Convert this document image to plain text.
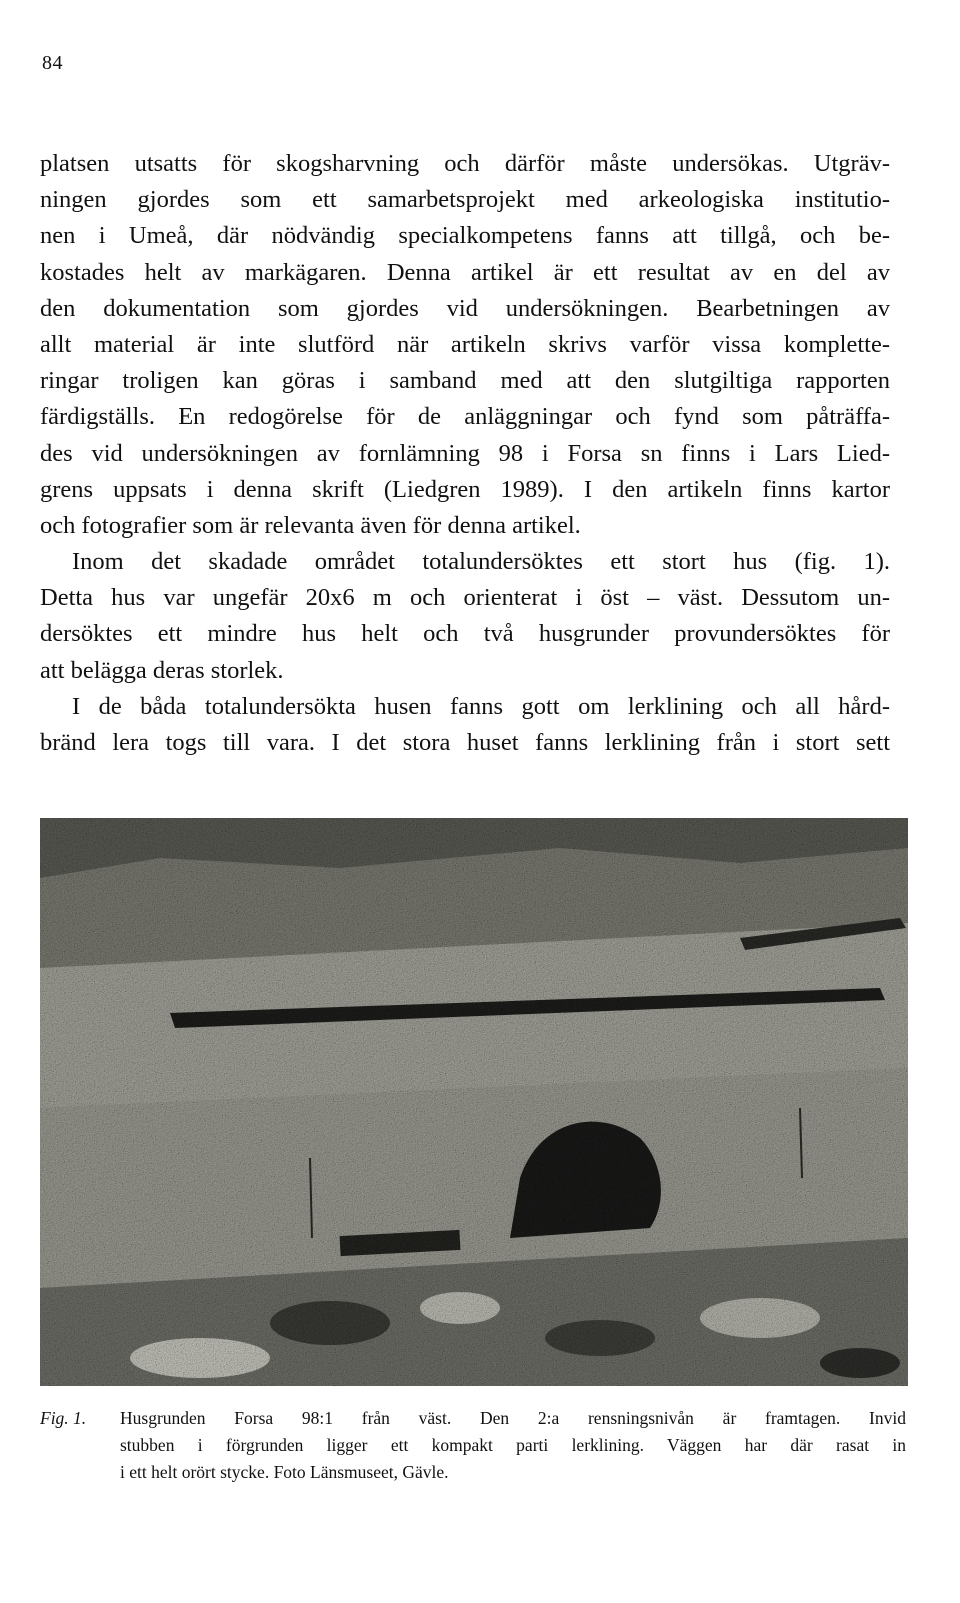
84
platsen utsatts för skogsharvning och därför måste undersökas. Utgräv-
ningen gjordes som ett samarbetsprojekt med arkeologiska institutio-
nen i Umeå, där nödvändig specialkompetens fanns att tillgå, och be-
kostades helt av markägaren. Denna artikel är ett resultat av en del av
den dokumentation som gjordes vid undersökningen. Bearbetningen av
allt material är inte slutförd när artikeln skrivs varför vissa komplette-
ringar troligen kan göras i samband med att den slutgiltiga rapporten
färdigställs. En redogörelse för de anläggningar och fynd som påträffa-
des vid undersökningen av fornlämning 98 i Forsa sn finns i Lars Lied-
grens uppsats i denna skrift (Liedgren 1989). I den artikeln finns kartor
och fotografier som är relevanta även för denna artikel.
Inom det skadade området totalundersöktes ett stort hus (fig. 1).
Detta hus var ungefär 20x6 m och orienterat i öst – väst. Dessutom un-
dersöktes ett mindre hus helt och två husgrunder provundersöktes för
att belägga deras storlek.
I de båda totalundersökta husen fanns gott om lerklining och all hård-
bränd lera togs till vara. I det stora huset fanns lerklining från i stort sett
Fig. 1. Husgrunden Forsa 98:1 från väst. Den 2:a rensningsnivån är framtagen. Invid
stubben i förgrunden ligger ett kompakt parti lerklining. Väggen har där rasat in
i ett helt orört stycke. Foto Länsmuseet, Gävle.
